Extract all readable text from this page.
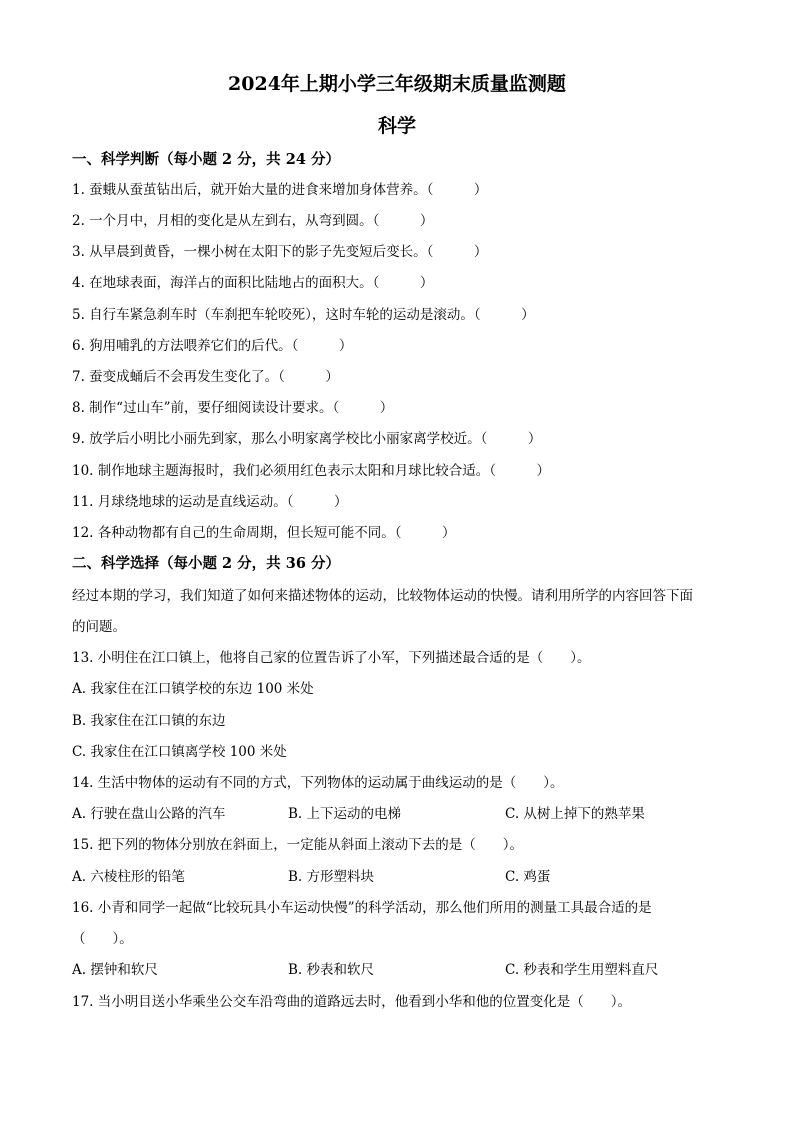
2024年上期小学三年级期末质量监测题
科学
一、科学判断（每小题 2 分，共 24 分）
1. 蚕蛾从蚕茧钻出后，就开始大量的进食来增加身体营养。（　　　）
2. 一个月中，月相的变化是从左到右，从弯到圆。（　　　）
3. 从早晨到黄昏，一棵小树在太阳下的影子先变短后变长。（　　　）
4. 在地球表面，海洋占的面积比陆地占的面积大。（　　　）
5. 自行车紧急刹车时（车刹把车轮咬死），这时车轮的运动是滚动。（　　　）
6. 狗用哺乳的方法喂养它们的后代。（　　　）
7. 蚕变成蛹后不会再发生变化了。（　　　）
8. 制作“过山车”前，要仔细阅读设计要求。（　　　）
9. 放学后小明比小丽先到家，那么小明家离学校比小丽家离学校近。（　　　）
10. 制作地球主题海报时，我们必须用红色表示太阳和月球比较合适。（　　　）
11. 月球绕地球的运动是直线运动。（　　　）
12. 各种动物都有自己的生命周期，但长短可能不同。（　　　）
二、科学选择（每小题 2 分，共 36 分）
经过本期的学习，我们知道了如何来描述物体的运动，比较物体运动的快慢。请利用所学的内容回答下面
的问题。
13. 小明住在江口镇上，他将自己家的位置告诉了小军，下列描述最合适的是（　　）。
A. 我家住在江口镇学校的东边 100 米处
B. 我家住在江口镇的东边
C. 我家住在江口镇离学校 100 米处
14. 生活中物体的运动有不同的方式，下列物体的运动属于曲线运动的是（　　）。
A. 行驶在盘山公路的汽车	B. 上下运动的电梯	C. 从树上掉下的熟苹果
15. 把下列的物体分别放在斜面上，一定能从斜面上滚动下去的是（　　）。
A. 六棱柱形的铅笔	B. 方形塑料块	C. 鸡蛋
16. 小青和同学一起做“比较玩具小车运动快慢”的科学活动，那么他们所用的测量工具最合适的是
（　　）。
A. 摆钟和软尺	B. 秒表和软尺	C. 秒表和学生用塑料直尺
17. 当小明目送小华乘坐公交车沿弯曲的道路远去时，他看到小华和他的位置变化是（　　）。
